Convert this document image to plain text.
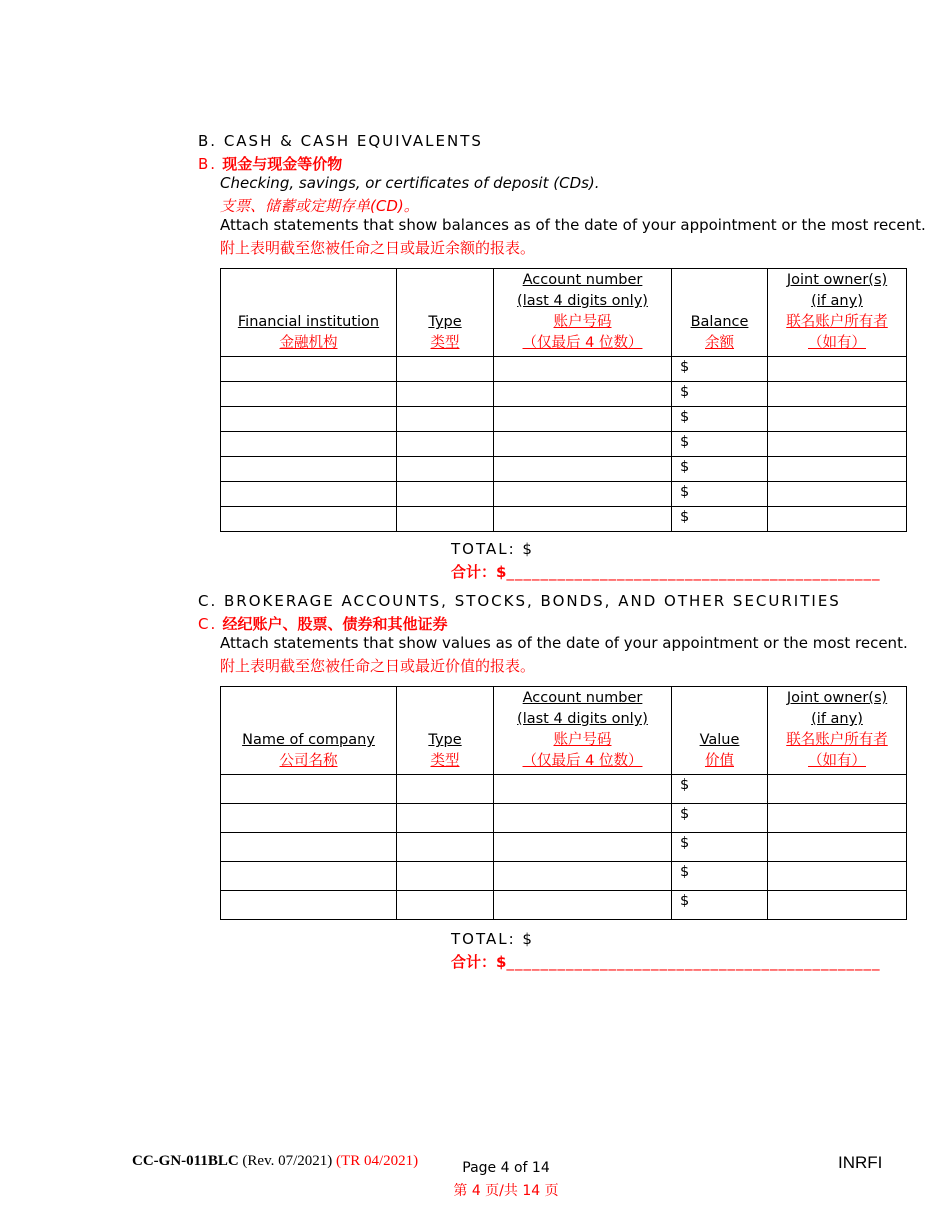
B. CASH & CASH EQUIVALENTS
B. 现金与现金等价物
Checking, savings, or certificates of deposit (CDs).
支票、储蓄或定期存单(CD)。
Attach statements that show balances as of the date of your appointment or the most recent.
附上表明截至您被任命之日或最近余额的报表。
Financial institution
金融机构	Type
类型	Account number
(last 4 digits only)
账户号码
（仅最后 4 位数）	Balance
余额	Joint owner(s)
(if any)
联名账户所有者
（如有）

			$	
			$	
			$	
			$	
			$	
			$	
			$	
TOTAL: $
合计：$____________________________________________
C. BROKERAGE ACCOUNTS, STOCKS, BONDS, AND OTHER SECURITIES
C. 经纪账户、股票、债券和其他证券
Attach statements that show values as of the date of your appointment or the most recent.
附上表明截至您被任命之日或最近价值的报表。
Name of company
公司名称	Type
类型	Account number
(last 4 digits only)
账户号码
（仅最后 4 位数）	Value
价值	Joint owner(s)
(if any)
联名账户所有者
（如有）

			$	
			$	
			$	
			$	
			$	
TOTAL: $
合计：$____________________________________________
CC-GN-011BLC (Rev. 07/2021) (TR 04/2021)	Page 4 of 14
第 4 页/共 14 页
INRFI
